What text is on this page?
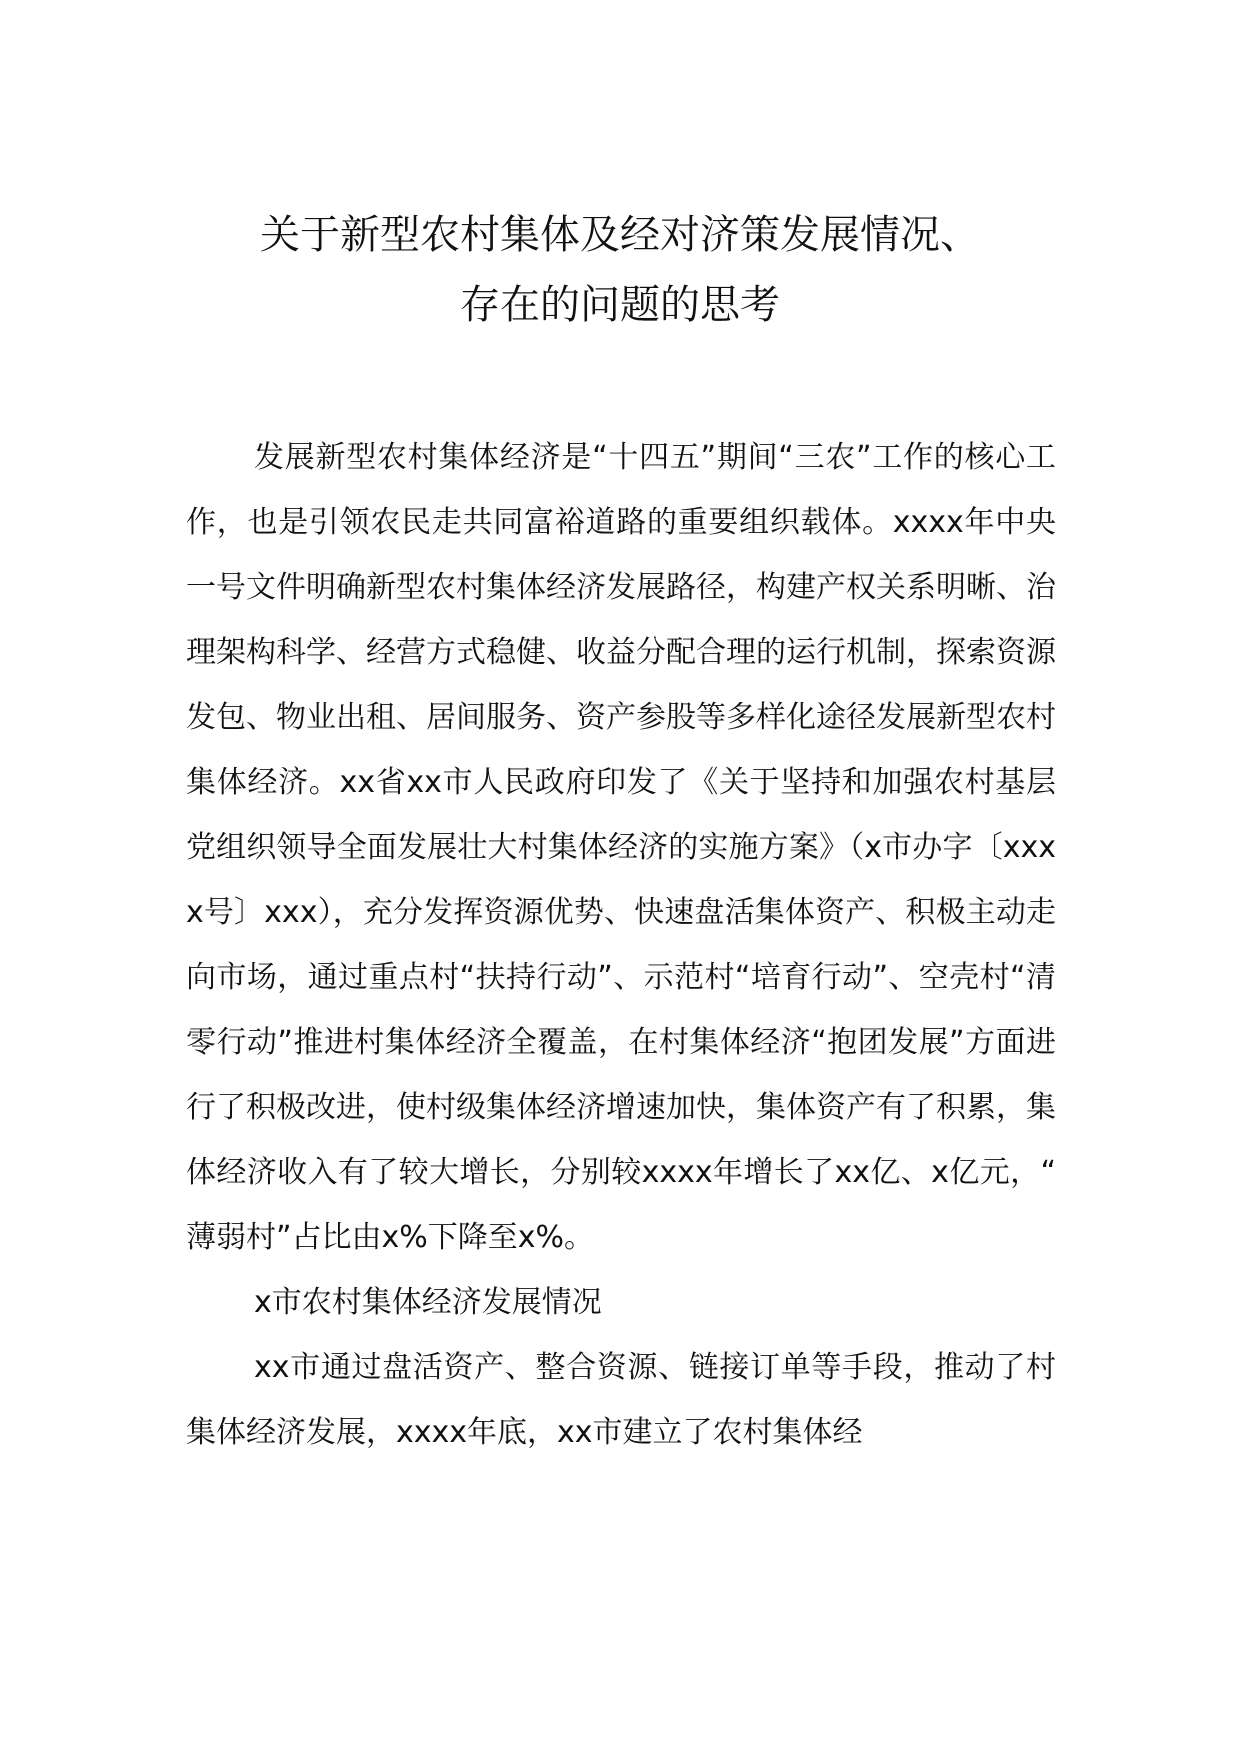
关于新型农村集体及经对济策发展情况、
存在的问题的思考

发展新型农村集体经济是“十四五”期间“三农”工作的核心工作，也是引领农民走共同富裕道路的重要组织载体。xxxx年中央一号文件明确新型农村集体经济发展路径，构建产权关系明晰、治理架构科学、经营方式稳健、收益分配合理的运行机制，探索资源发包、物业出租、居间服务、资产参股等多样化途径发展新型农村集体经济。xx省xx市人民政府印发了《关于坚持和加强农村基层党组织领导全面发展壮大村集体经济的实施方案》（x市办字〔xxxx号〕xxx），充分发挥资源优势、快速盘活集体资产、积极主动走向市场，通过重点村“扶持行动”、示范村“培育行动”、空壳村“清零行动”推进村集体经济全覆盖，在村集体经济“抱团发展”方面进行了积极改进，使村级集体经济增速加快，集体资产有了积累，集体经济收入有了较大增长，分别较xxxx年增长了xx亿、x亿元，“薄弱村”占比由x%下降至x%。

x市农村集体经济发展情况

xx市通过盘活资产、整合资源、链接订单等手段，推动了村集体经济发展，xxxx年底，xx市建立了农村集体经
